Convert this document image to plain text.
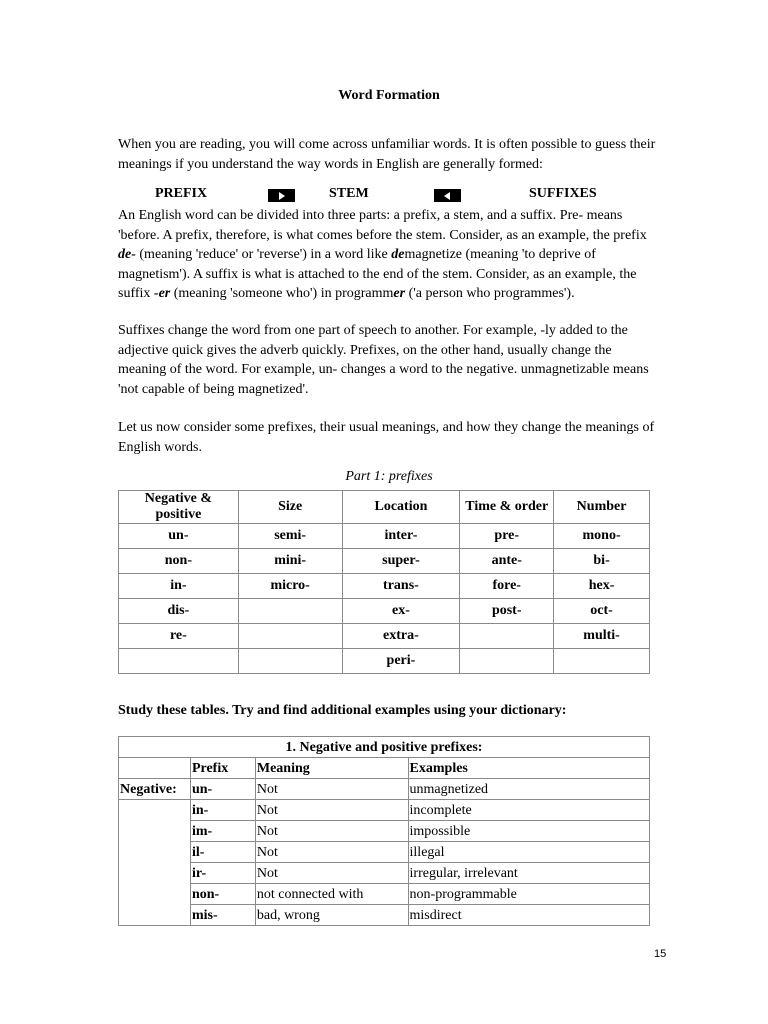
Word Formation
When you are reading, you will come across unfamiliar words. It is often possible to guess their meanings if you understand the way words in English are generally formed:
PREFIX	STEM	SUFFIXES
An English word can be divided into three parts: a prefix, a stem, and a suffix. Pre- means 'before. A prefix, therefore, is what comes before the stem. Consider, as an example, the prefix de- (meaning 'reduce' or 'reverse') in a word like demagnetize (meaning 'to deprive of magnetism'). A suffix is what is attached to the end of the stem. Consider, as an example, the suffix -er (meaning 'someone who') in programmer ('a person who programmes').
Suffixes change the word from one part of speech to another. For example, -ly added to the adjective quick gives the adverb quickly. Prefixes, on the other hand, usually change the meaning of the word. For example, un- changes a word to the negative. unmagnetizable means 'not capable of being magnetized'.
Let us now consider some prefixes, their usual meanings, and how they change the meanings of English words.
Part 1: prefixes
Negative & positive	Size	Location	Time & order	Number
un-	semi-	inter-	pre-	mono-
non-	mini-	super-	ante-	bi-
in-	micro-	trans-	fore-	hex-
dis-		ex-	post-	oct-
re-		extra-		multi-
		peri-		
Study these tables. Try and find additional examples using your dictionary:
1. Negative and positive prefixes:			
	Prefix	Meaning	Examples
Negative:	un-	Not	unmagnetized
	in-	Not	incomplete
	im-	Not	impossible
	il-	Not	illegal
	ir-	Not	irregular, irrelevant
	non-	not connected with	non-programmable
	mis-	bad, wrong	misdirect
15
